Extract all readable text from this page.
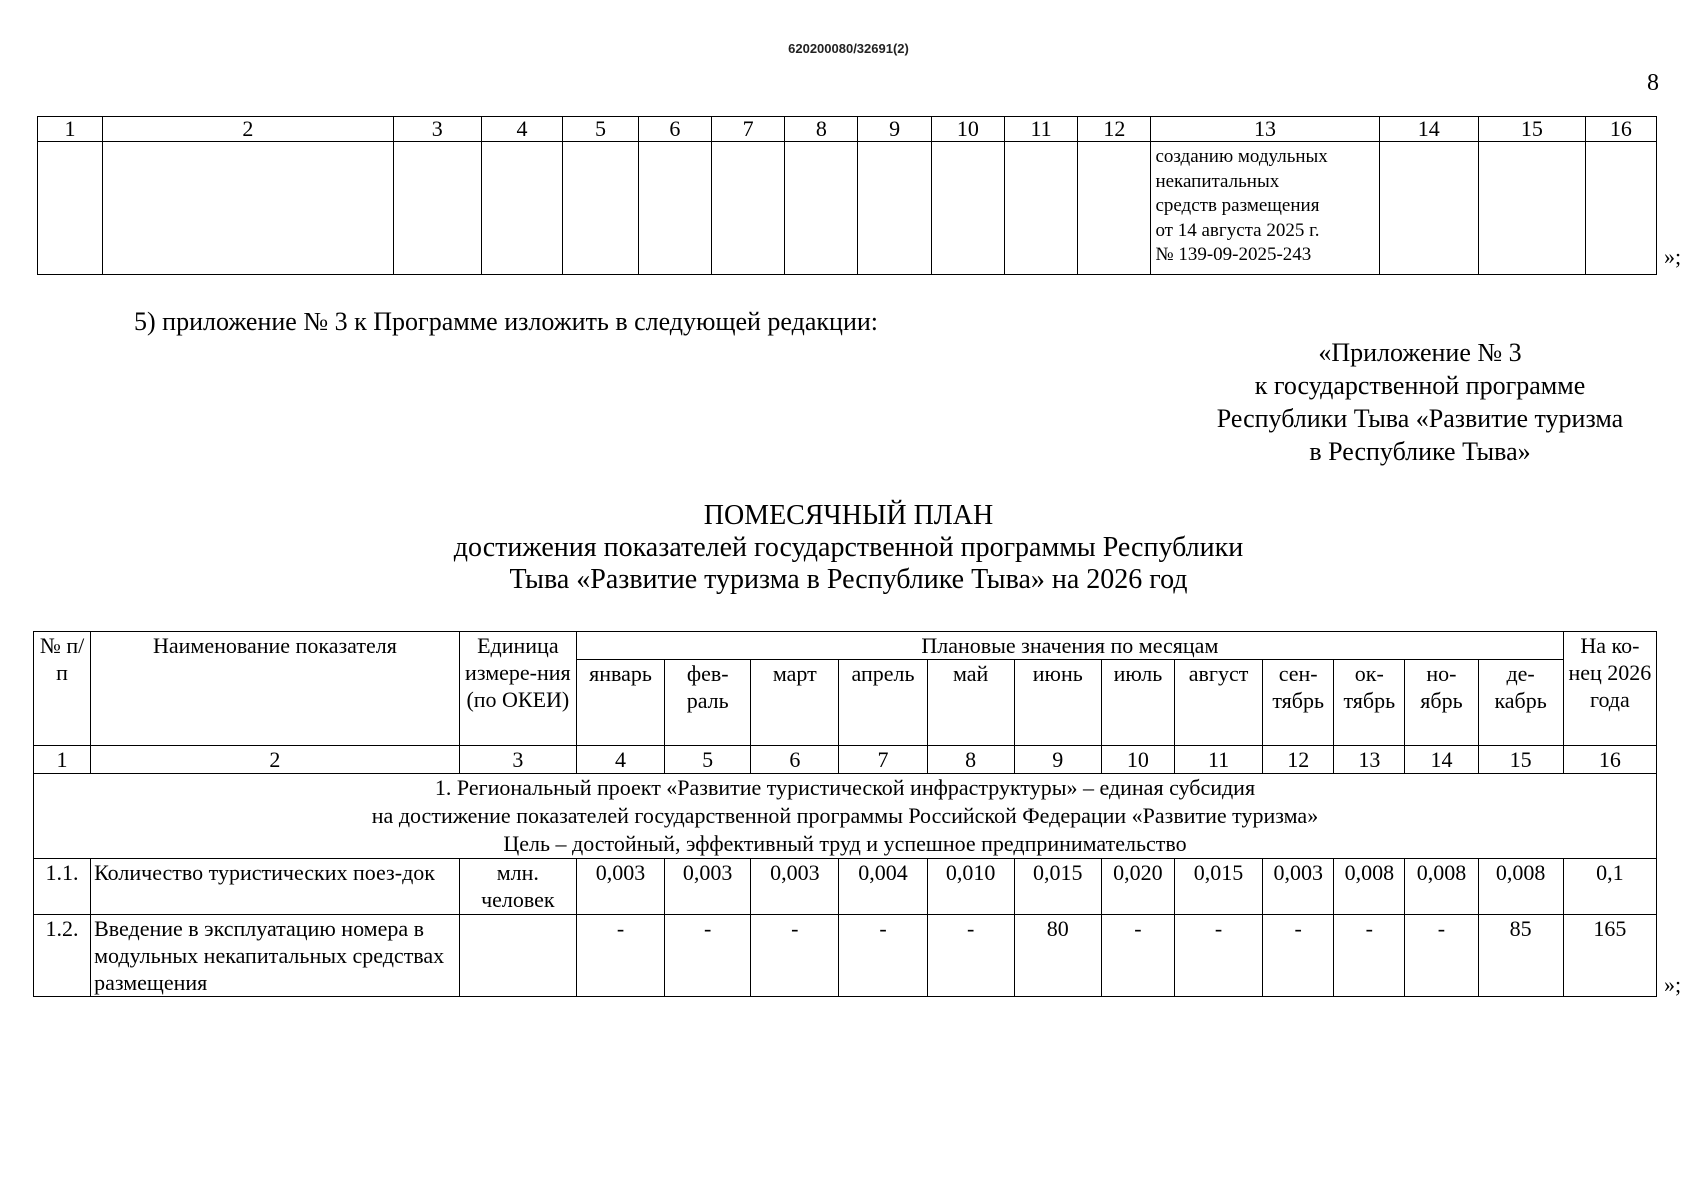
620200080/32691(2)
8
1	2	3	4	5	6	7	8	9	10	11	12	13	14	15	16

												созданию модульных
некапитальных
средств размещения
от 14 августа 2025 г.
№ 139-09-2025-243			
				»;
5) приложение № 3 к Программе изложить в следующей редакции:
«Приложение № 3
к государственной программе
Республики Тыва «Развитие туризма
в Республике Тыва»
ПОМЕСЯЧНЫЙ ПЛАН
достижения показателей государственной программы Республики
Тыва «Развитие туризма в Республике Тыва» на 2026 год
№ п/п	Наименование показателя	Единица измере-ния (по ОКЕИ)	Плановые значения по месяцам												На ко-нец 2026 года
			январь	фев-раль	март	апрель	май	июнь	июль	август	сен-тябрь	ок-тябрь	но-ябрь	де-кабрь	
1	2	3	4	5	6	7	8	9	10	11	12	13	14	15	16

1. Региональный проект «Развитие туристической инфраструктуры» – единая субсидия
на достижение показателей государственной программы Российской Федерации «Развитие туризма»
Цель – достойный, эффективный труд и успешное предпринимательство															

1.1.	Количество туристических поез-док	млн. человек	0,003	0,003	0,003	0,004	0,010	0,015	0,020	0,015	0,003	0,008	0,008	0,008	0,1
1.2.	Введение в эксплуатацию номера в модульных некапитальных средствах размещения		-	-	-	-	-	80	-	-	-	-	-	85	165
»;
